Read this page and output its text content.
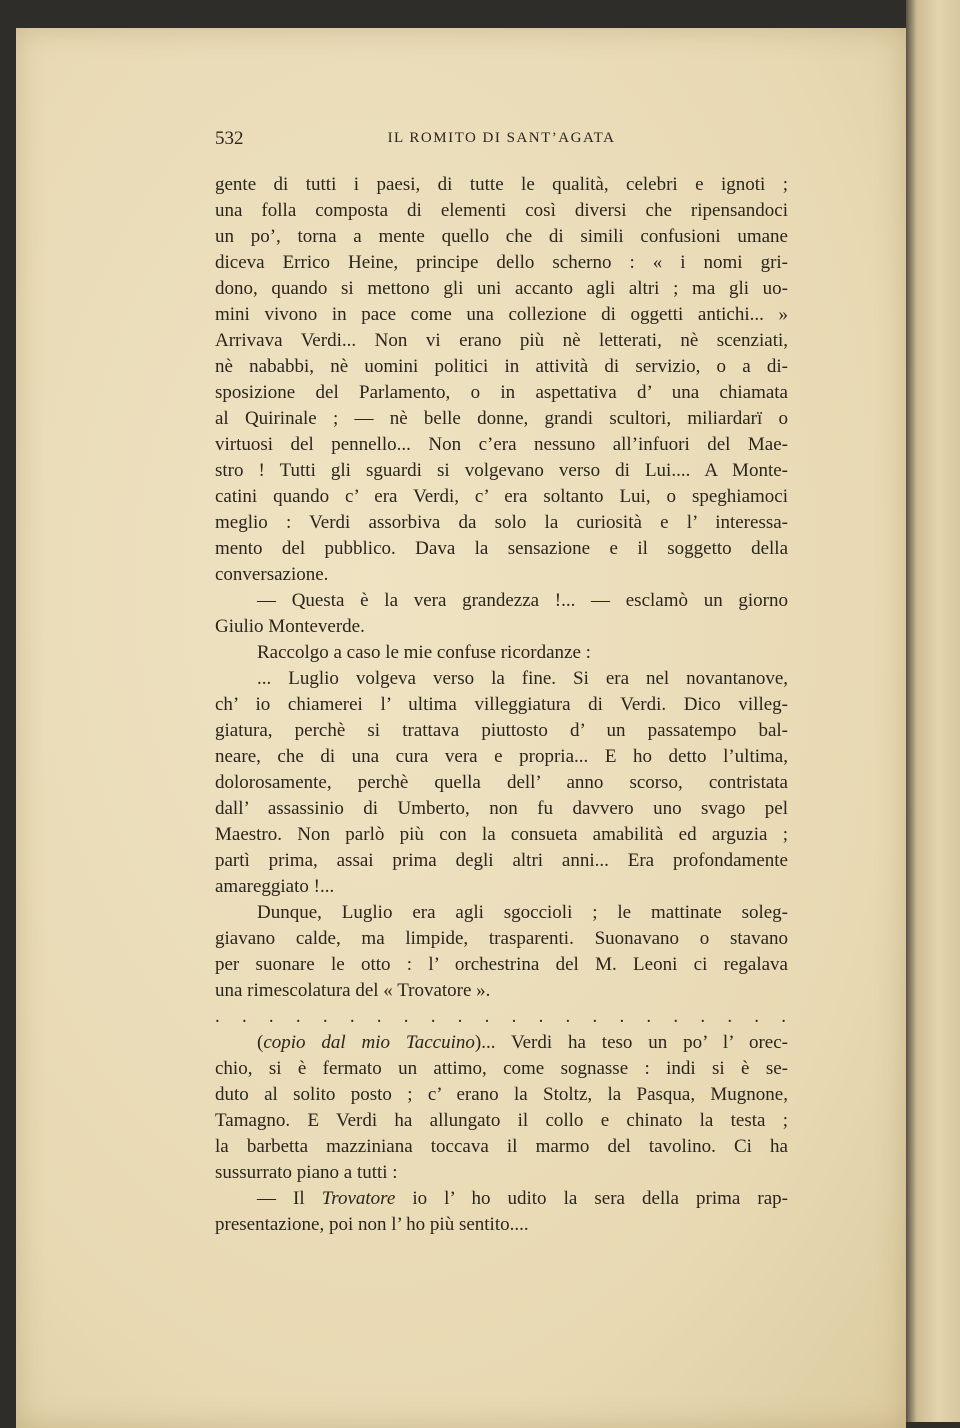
532	IL ROMITO DI SANT’AGATA
gente di tutti i paesi, di tutte le qualità, celebri e ignoti ;
una folla composta di elementi così diversi che ripensandoci
un po’, torna a mente quello che di simili confusioni umane
diceva Errico Heine, principe dello scherno : « i nomi gri-
dono, quando si mettono gli uni accanto agli altri ; ma gli uo-
mini vivono in pace come una collezione di oggetti antichi... »
Arrivava Verdi... Non vi erano più nè letterati, nè scenziati,
nè nababbi, nè uomini politici in attività di servizio, o a di-
sposizione del Parlamento, o in aspettativa d’ una chiamata
al Quirinale ; — nè belle donne, grandi scultori, miliardarï o
virtuosi del pennello... Non c’era nessuno all’infuori del Mae-
stro ! Tutti gli sguardi si volgevano verso di Lui.... A Monte-
catini quando c’ era Verdi, c’ era soltanto Lui, o speghiamoci
meglio : Verdi assorbiva da solo la curiosità e l’ interessa-
mento del pubblico. Dava la sensazione e il soggetto della
conversazione.
— Questa è la vera grandezza !... — esclamò un giorno
Giulio Monteverde.
Raccolgo a caso le mie confuse ricordanze :
... Luglio volgeva verso la fine. Si era nel novantanove,
ch’ io chiamerei l’ ultima villeggiatura di Verdi. Dico villeg-
giatura, perchè si trattava piuttosto d’ un passatempo bal-
neare, che di una cura vera e propria... E ho detto l’ultima,
dolorosamente, perchè quella dell’ anno scorso, contristata
dall’ assassinio di Umberto, non fu davvero uno svago pel
Maestro. Non parlò più con la consueta amabilità ed arguzia ;
partì prima, assai prima degli altri anni... Era profondamente
amareggiato !...
Dunque, Luglio era agli sgoccioli ; le mattinate soleg-
giavano calde, ma limpide, trasparenti. Suonavano o stavano
per suonare le otto : l’ orchestrina del M. Leoni ci regalava
una rimescolatura del « Trovatore ».
. . . . . . . . . . . . . . . . . . . . . .
(copio dal mio Taccuino)... Verdi ha teso un po’ l’ orec-
chio, si è fermato un attimo, come sognasse : indi si è se-
duto al solito posto ; c’ erano la Stoltz, la Pasqua, Mugnone,
Tamagno. E Verdi ha allungato il collo e chinato la testa ;
la barbetta mazziniana toccava il marmo del tavolino. Ci ha
sussurrato piano a tutti :
— Il Trovatore io l’ ho udito la sera della prima rap-
presentazione, poi non l’ ho più sentito....
